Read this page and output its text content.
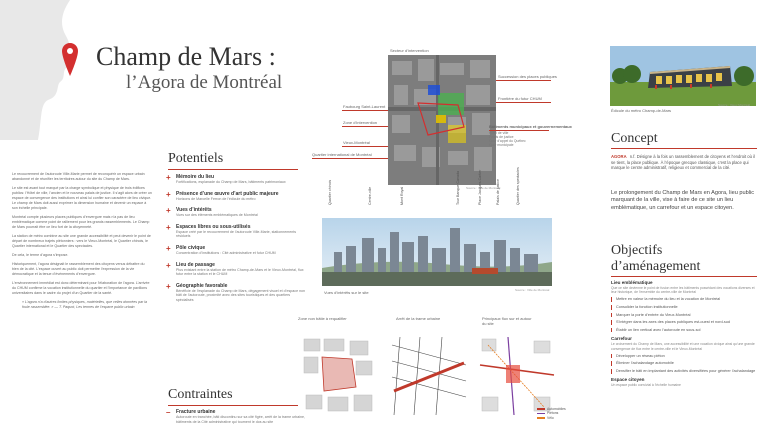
Champ de Mars :
l’Agora de Montréal

Le recouvrement de l’autoroute Ville-Marie permet de reconquérir un espace urbain abandonné et de réunifier les territoires autour du site du Champ de Mars.

Le site est avant tout marqué par la charge symbolique et physique de trois édifices publics: l’Hôtel de ville, l’ancien et le nouveau palais de justice. Il s’agit alors de créer un espace de convergence des institutions et ainsi lui confier son caractère de lieu civique. Le champ de Mars doit aussi exprimer la dimension humaine et devenir un espace à son échelle principale.

Montréal compte plusieurs places publiques d’envergure mais n’a pas de lieu emblématique comme point de ralliement pour les grands rassemblements. Le Champ de Mars pourrait être ce lieu fort de la citoyenneté.

La station de métro combine au site une grande accessibilité et peut devenir le point de départ de nombreux trajets piétonniers : vers le Vieux-Montréal, le Quartier chinois, le Quartier international et le Quartier des spectacles.

De cela, le terme d’agora s’impose.

Historiquement, l’agora désignait le rassemblement des citoyens venus débattre du bien de la cité. L’espace ouvert au public doit permettre l’expression de la vie démocratique et la tenue d’événements d’envergure.

L’environnement immédiat est donc déterminant pour l’élaboration de l’agora. L’arrivée du CHUM confirme la vocation institutionnelle du quartier et l’importance de pavillons universitaires dans le cadre du projet d’un Quartier de la santé.

« L’agora n’a d’autres limites physiques, matérielles, que celles données par la foule rassemblée. » — T. Paquot, Les termes de l’espace public urbain

Potentiels
+ Mémoire du lieu
Fortifications, esplanade du Champ de Mars, bâtiments patrimoniaux
+ Présence d’une œuvre d’art public majeure
Horizons de Marcelle Ferron de l’édicule du métro
+ Vues d’intérêts
Vues sur des éléments emblématiques de Montréal
+ Espaces libres ou sous-utilisés
Espace créé par le recouvrement de l’autoroute Ville-Marie, stationnements résiduels
+ Pôle civique
Concentration d’institutions : Cité administrative et futur CHUM
+ Lieu de passage
Plus existant entre la station de métro Champ-de-Mars et le Vieux-Montréal, flux futur entre la station et le CHUM
+ Géographie favorable
Bénéficie de l’esplanade du Champ de Mars, dégagement visuel et d’espace non bâti de l’autoroute, proximité avec des sites touristiques et des quartiers spécialisés
Contraintes
– Fracture urbaine
Autoroute en tranchée, bâti discontinu sur sa cité figée, arrêt de la trame urbaine, bâtiments de la Cité administrative qui tournent le dos au site
Secteur d’intervention
Succession des places publiques
Frontière du futur CHUM
Bâtiments municipaux et gouvernementaux
Hôtel de ville
Palais de justice
Cour d’appel du Québec
Cour municipale
Faubourg Saint-Laurent
Zone d’intervention
Vieux-Montréal
Quartier international de Montréal
Source : Ville de Montréal
Quartier chinois	Centre-ville	Mont Royal	Tour Banque Canada	Place Jacques-Cartier	Palais de justice	Quartier des spectacles
Vues d’intérêts sur le site	Source : Ville de Montréal
Zone non bâtie à requalifier	Arrêt de la trame urbaine	Principaux flux sur et autour du site
Automobiles
Piétons
Vélo
Édicule du métro Champ-de-Mars
Source : Vieux Montréal
Concept
AGORA n.f. Désigne à la fois un rassemblement de citoyens et l’endroit où il se tient, la place publique. À l’époque grecque classique, c’est la place qui marque le centre administratif, religieux et commercial de la cité.
Le prolongement du Champ de Mars en Agora, lieu public marquant de la ville, vise à faire de ce site un lieu emblématique, un carrefour et un espace citoyen.
Objectifs
d’aménagement
Lieu emblématique
Que ce site devienne le point de fusion entre les bâtiments possédant des vocations diverses et leur historique, de l’ensemble du centre-ville de Montréal
Mettre en valeur la mémoire du lieu et la vocation de Montréal
Consolider la fonction institutionnelle
Marquer la porte d’entrée du Vieux-Montréal
S’intégrer dans les axes des places publiques est-ouest et nord-sud
Établir un lien vertical avec l’autoroute en sous-sol
Carrefour
Le croisement du Champ de Mars, une accessibilité et une vocation civique ainsi qu’une grande convergence de flux entre le centre-ville et le Vieux-Montréal
Développer un réseau piéton
Éliminer l’achalandage automobile
Densifier le bâti en implantant des activités diversifiées pour générer l’achalandage
Espace citoyen
Un espace public convivial à l’échelle humaine
